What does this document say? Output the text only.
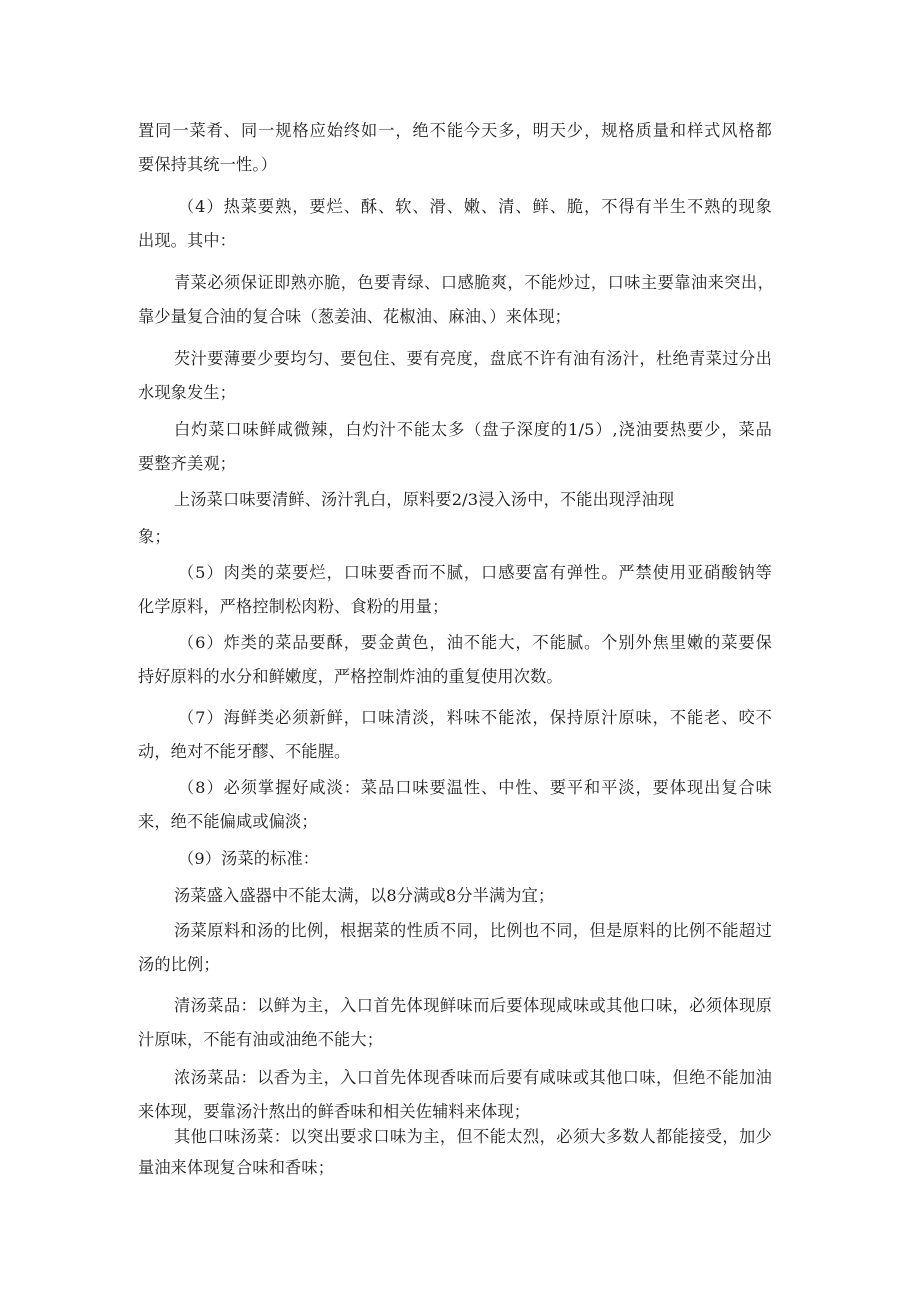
置同一菜肴、同一规格应始终如一，绝不能今天多，明天少，规格质量和样式风格都

要保持其统一性。）

（4）热菜要熟，要烂、酥、软、滑、嫩、清、鲜、脆，不得有半生不熟的现象

出现。其中：

青菜必须保证即熟亦脆，色要青绿、口感脆爽，不能炒过，口味主要靠油来突出，

靠少量复合油的复合味（葱姜油、花椒油、麻油、）来体现；

芡汁要薄要少要均匀、要包住、要有亮度，盘底不许有油有汤汁，杜绝青菜过分出

水现象发生；

白灼菜口味鲜咸微辣，白灼汁不能太多（盘子深度的1/5）,浇油要热要少，菜品

要整齐美观；

上汤菜口味要清鲜、汤汁乳白，原料要2/3浸入汤中，不能出现浮油现

象；

（5）肉类的菜要烂，口味要香而不腻，口感要富有弹性。严禁使用亚硝酸钠等

化学原料，严格控制松肉粉、食粉的用量；

（6）炸类的菜品要酥，要金黄色，油不能大，不能腻。个别外焦里嫩的菜要保

持好原料的水分和鲜嫩度，严格控制炸油的重复使用次数。

（7）海鲜类必须新鲜，口味清淡，料味不能浓，保持原汁原味，不能老、咬不

动，绝对不能牙醪、不能腥。

（8）必须掌握好咸淡：菜品口味要温性、中性、要平和平淡，要体现出复合味

来，绝不能偏咸或偏淡；

（9）汤菜的标准：

汤菜盛入盛器中不能太满，以8分满或8分半满为宜；

汤菜原料和汤的比例，根据菜的性质不同，比例也不同，但是原料的比例不能超过

汤的比例；

清汤菜品：以鲜为主，入口首先体现鲜味而后要体现咸味或其他口味，必须体现原

汁原味，不能有油或油绝不能大；

浓汤菜品：以香为主，入口首先体现香味而后要有咸味或其他口味，但绝不能加油

来体现，要靠汤汁熬出的鲜香味和相关佐辅料来体现；

其他口味汤菜：以突出要求口味为主，但不能太烈，必须大多数人都能接受，加少

量油来体现复合味和香味；
